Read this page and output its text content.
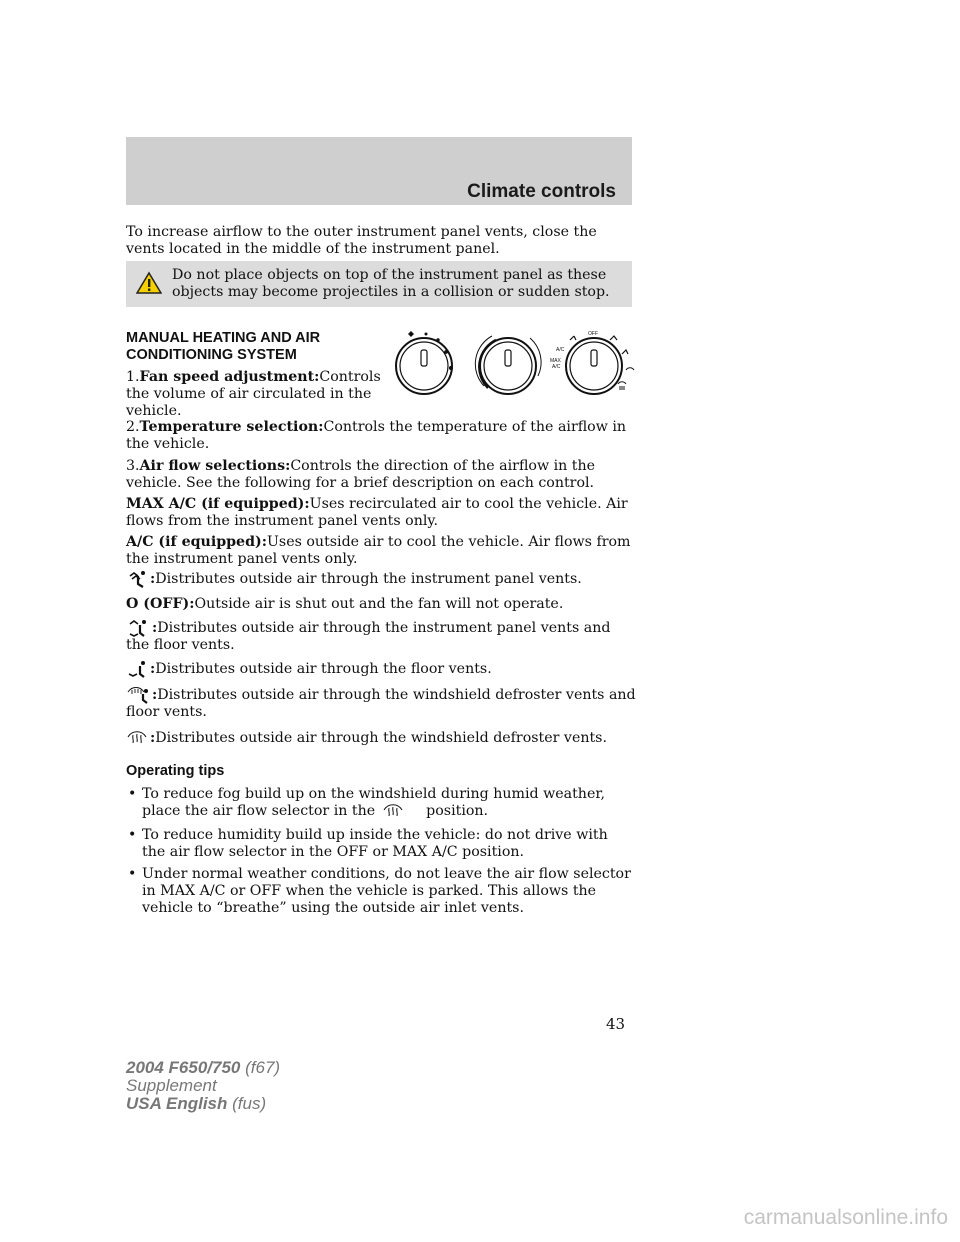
Climate controls
To increase airflow to the outer instrument panel vents, close the vents located in the middle of the instrument panel.
Do not place objects on top of the instrument panel as these objects may become projectiles in a collision or sudden stop.
MANUAL HEATING AND AIR
CONDITIONING SYSTEM
1.Fan speed adjustment:Controls
the volume of air circulated in the
vehicle.
OFF
A/C
MAX
A/C
2.Temperature selection:Controls the temperature of the airflow in the vehicle.
3.Air flow selections:Controls the direction of the airflow in the vehicle. See the following for a brief description on each control.
MAX A/C (if equipped):Uses recirculated air to cool the vehicle. Air flows from the instrument panel vents only.
A/C (if equipped):Uses outside air to cool the vehicle. Air flows from the instrument panel vents only.
:Distributes outside air through the instrument panel vents.
O (OFF):Outside air is shut out and the fan will not operate.
:Distributes outside air through the instrument panel vents and the floor vents.
:Distributes outside air through the floor vents.
:Distributes outside air through the windshield defroster vents and floor vents.
:Distributes outside air through the windshield defroster vents.
Operating tips
• To reduce fog build up on the windshield during humid weather, place the air flow selector in the	position.
• To reduce humidity build up inside the vehicle: do not drive with the air flow selector in the OFF or MAX A/C position.
• Under normal weather conditions, do not leave the air flow selector in MAX A/C or OFF when the vehicle is parked. This allows the vehicle to “breathe” using the outside air inlet vents.
43
2004 F650/750 (f67)
Supplement
USA English (fus)
carmanualsonline.info
